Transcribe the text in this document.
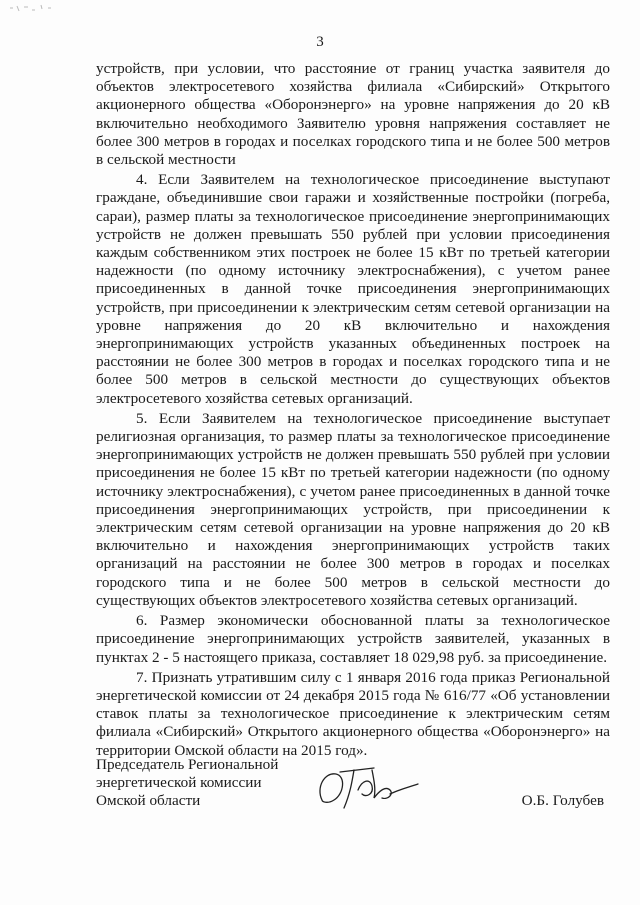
3

устройств, при условии, что расстояние от границ участка заявителя до объектов электросетевого хозяйства филиала «Сибирский» Открытого акционерного общества «Оборонэнерго» на уровне напряжения до 20 кВ включительно необходимого Заявителю уровня напряжения составляет не более 300 метров в городах и поселках городского типа и не более 500 метров в сельской местности

4. Если Заявителем на технологическое присоединение выступают граждане, объединившие свои гаражи и хозяйственные постройки (погреба, сараи), размер платы за технологическое присоединение энергопринимающих устройств не должен превышать 550 рублей при условии присоединения каждым собственником этих построек не более 15 кВт по третьей категории надежности (по одному источнику электроснабжения), с учетом ранее присоединенных в данной точке присоединения энергопринимающих устройств, при присоединении к электрическим сетям сетевой организации на уровне напряжения до 20 кВ включительно и нахождения энергопринимающих устройств указанных объединенных построек на расстоянии не более 300 метров в городах и поселках городского типа и не более 500 метров в сельской местности до существующих объектов электросетевого хозяйства сетевых организаций.

5. Если Заявителем на технологическое присоединение выступает религиозная организация, то размер платы за технологическое присоединение энергопринимающих устройств не должен превышать 550 рублей при условии присоединения не более 15 кВт по третьей категории надежности (по одному источнику электроснабжения), с учетом ранее присоединенных в данной точке присоединения энергопринимающих устройств, при присоединении к электрическим сетям сетевой организации на уровне напряжения до 20 кВ включительно и нахождения энергопринимающих устройств таких организаций на расстоянии не более 300 метров в городах и поселках городского типа и не более 500 метров в сельской местности до существующих объектов электросетевого хозяйства сетевых организаций.

6. Размер экономически обоснованной платы за технологическое присоединение энергопринимающих устройств заявителей, указанных в пунктах 2 - 5 настоящего приказа, составляет 18 029,98 руб. за присоединение.

7. Признать утратившим силу с 1 января 2016 года приказ Региональной энергетической комиссии от 24 декабря 2015 года № 616/77 «Об установлении ставок платы за технологическое присоединение к электрическим сетям филиала «Сибирский» Открытого акционерного общества «Оборонэнерго» на территории Омской области на 2015 год».

Председатель Региональной
энергетической комиссии
Омской области	О.Б. Голубев
